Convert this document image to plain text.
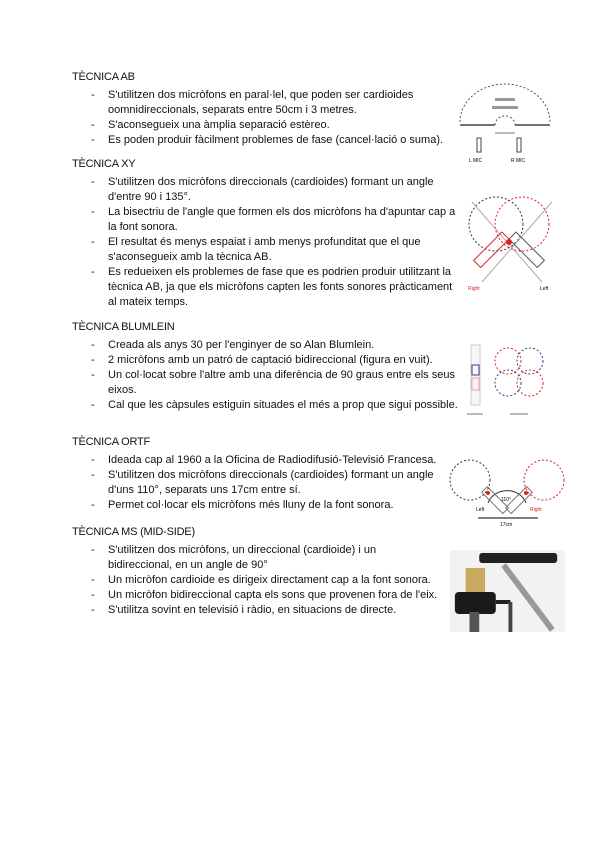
TÈCNICA AB
- S'utilitzen dos micròfons en paral·lel, que poden ser cardioides oomnidireccionals, separats entre 50cm i 3 metres.
- S'aconsegueix una àmplia separació estèreo.
- Es poden produir fàcilment problemes de fase (cancel·lació o suma).
TÈCNICA XY
- S'utilitzen dos micròfons direccionals (cardioides) formant un angle d'entre 90 i 135°.
- La bisectriu de l'angle que formen els dos micròfons ha d'apuntar cap a la font sonora.
- El resultat és menys espaiat i amb menys profunditat que el que s'aconsegueix amb la tècnica AB.
- Es redueixen els problemes de fase que es podrien produir utilitzant la tècnica AB, ja que els micròfons capten les fonts sonores pràcticament al mateix temps.
TÈCNICA BLUMLEIN
- Creada als anys 30 per l'enginyer de so Alan Blumlein.
- 2 micròfons amb un patró de captació bidireccional (figura en vuit).
- Un col·locat sobre l'altre amb una diferència de 90 graus entre els seus eixos.
- Cal que les càpsules estiguin situades el més a prop que sigui possible.
TÈCNICA ORTF
- Ideada cap al 1960 a la Oficina de Radiodifusió-Televisió Francesa.
- S'utilitzen dos micròfons direccionals (cardioides) formant un angle d'uns 110°, separats uns 17cm entre sí.
- Permet col·locar els micròfons més lluny de la font sonora.
TÈCNICA MS (MID-SIDE)
- S'utilitzen dos micròfons, un direccional (cardioide) i un bidireccional, en un angle de 90°
- Un micròfon cardioide es dirigeix directament cap a la font sonora.
- Un micròfon bidireccional capta els sons que provenen fora de l'eix.
- S'utilitza sovint en televisió i ràdio, en situacions de directe.
L MIC	R MIC
Right	Left
110°
Left	Right
17cm
